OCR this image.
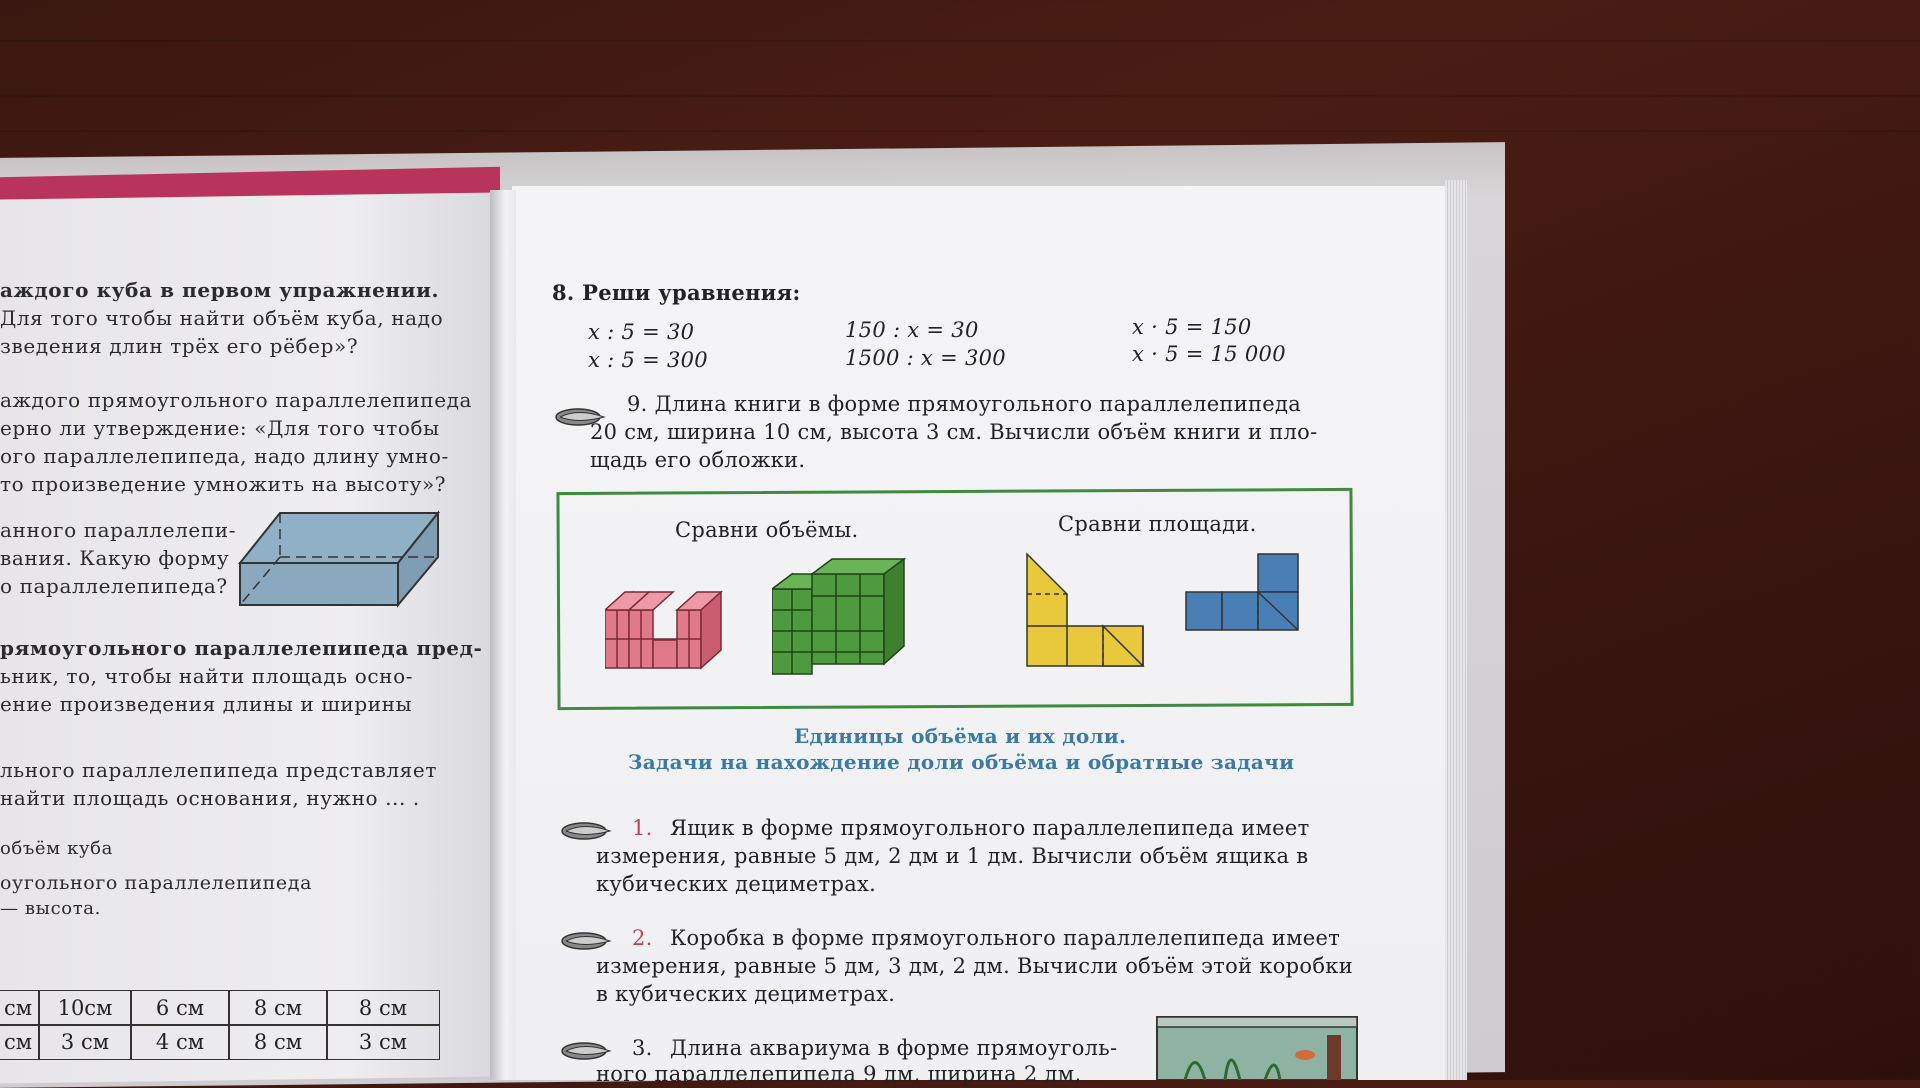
аждого куба в первом упражнении.
Для того чтобы найти объём куба, надо
зведения длин трёх его рёбер»?
аждого прямоугольного параллелепипеда
ерно ли утверждение: «Для того чтобы
ого параллелепипеда, надо длину умно-
то произведение умножить на высоту»?
анного параллелепи-
вания. Какую форму
о параллелепипеда?
рямоугольного параллелепипеда пред-
ьник, то, чтобы найти площадь осно-
ение произведения длины и ширины
льного параллелепипеда представляет
найти площадь основания, нужно ... .
объём куба
оугольного параллелепипеда
— высота.
см	10см	6 см	8 см	8 см
см	3 см	4 см	8 см	3 см
8. Реши уравнения:
x : 5 = 30
x : 5 = 300
150 : x = 30
1500 : x = 300
x · 5 = 150
x · 5 = 15 000
9. Длина книги в форме прямоугольного параллелепипеда
20 см, ширина 10 см, высота 3 см. Вычисли объём книги и пло-
щадь его обложки.
Сравни объёмы.	Сравни площади.
Единицы объёма и их доли.
Задачи на нахождение доли объёма и обратные задачи
1. Ящик в форме прямоугольного параллелепипеда имеет
измерения, равные 5 дм, 2 дм и 1 дм. Вычисли объём ящика в
кубических дециметрах.
2. Коробка в форме прямоугольного параллелепипеда имеет
измерения, равные 5 дм, 3 дм, 2 дм. Вычисли объём этой коробки
в кубических дециметрах.
3. Длина аквариума в форме прямоуголь-
ного параллелепипеда 9 дм, ширина 2 дм,
